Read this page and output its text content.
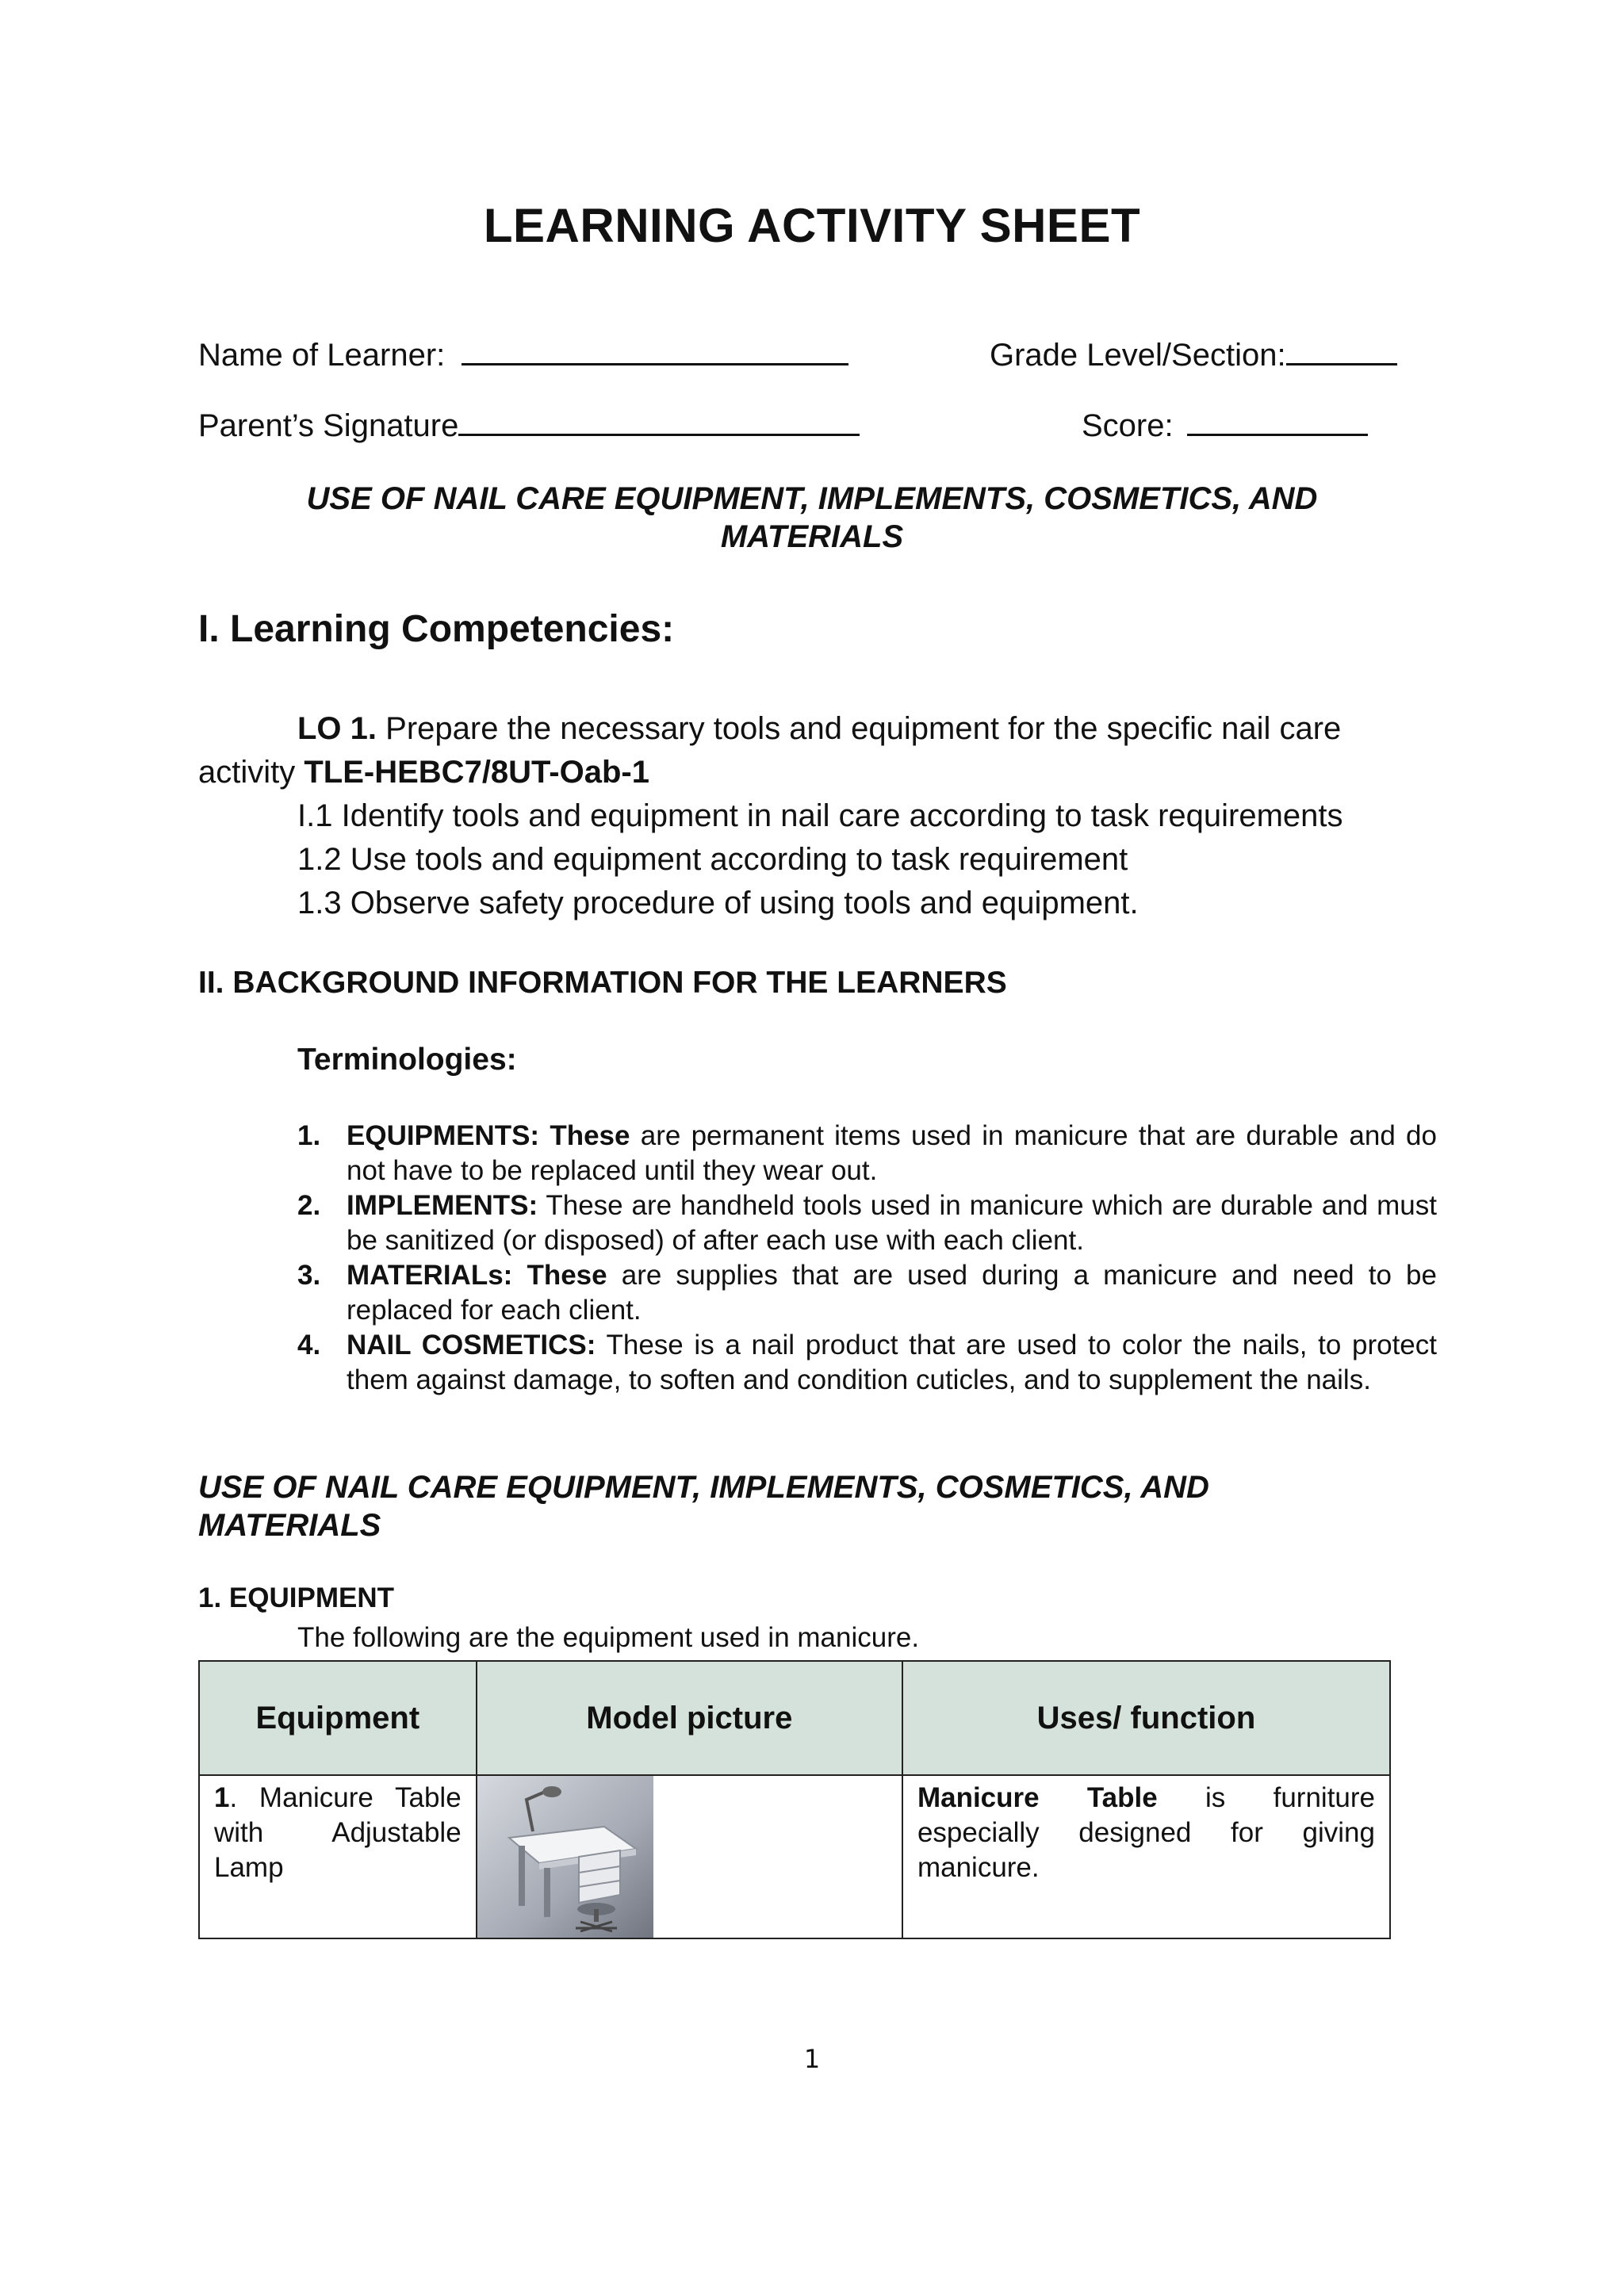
LEARNING ACTIVITY SHEET
Name of Learner:	Grade Level/Section:
Parent’s Signature	Score:
USE OF NAIL CARE EQUIPMENT, IMPLEMENTS, COSMETICS, AND
MATERIALS
I. Learning Competencies:
LO 1. Prepare the necessary tools and equipment for the specific nail care
activity TLE-HEBC7/8UT-Oab-1
I.1 Identify tools and equipment in nail care according to task requirements
1.2 Use tools and equipment according to task requirement
1.3 Observe safety procedure of using tools and equipment.
II. BACKGROUND INFORMATION FOR THE LEARNERS
Terminologies:
1. EQUIPMENTS: These are permanent items used in manicure that are durable and do not have to be replaced until they wear out.
2. IMPLEMENTS: These are handheld tools used in manicure which are durable and must be sanitized (or disposed) of after each use with each client.
3. MATERIALs: These are supplies that are used during a manicure and need to be replaced for each client.
4. NAIL COSMETICS: These is a nail product that are used to color the nails, to protect them against damage, to soften and condition cuticles, and to supplement the nails.
USE OF NAIL CARE EQUIPMENT, IMPLEMENTS, COSMETICS, AND
MATERIALS
1. EQUIPMENT
The following are the equipment used in manicure.
Equipment	Model picture	Uses/ function

1. Manicure Table with Adjustable Lamp		Manicure Table is furniture especially designed for giving manicure.
1
